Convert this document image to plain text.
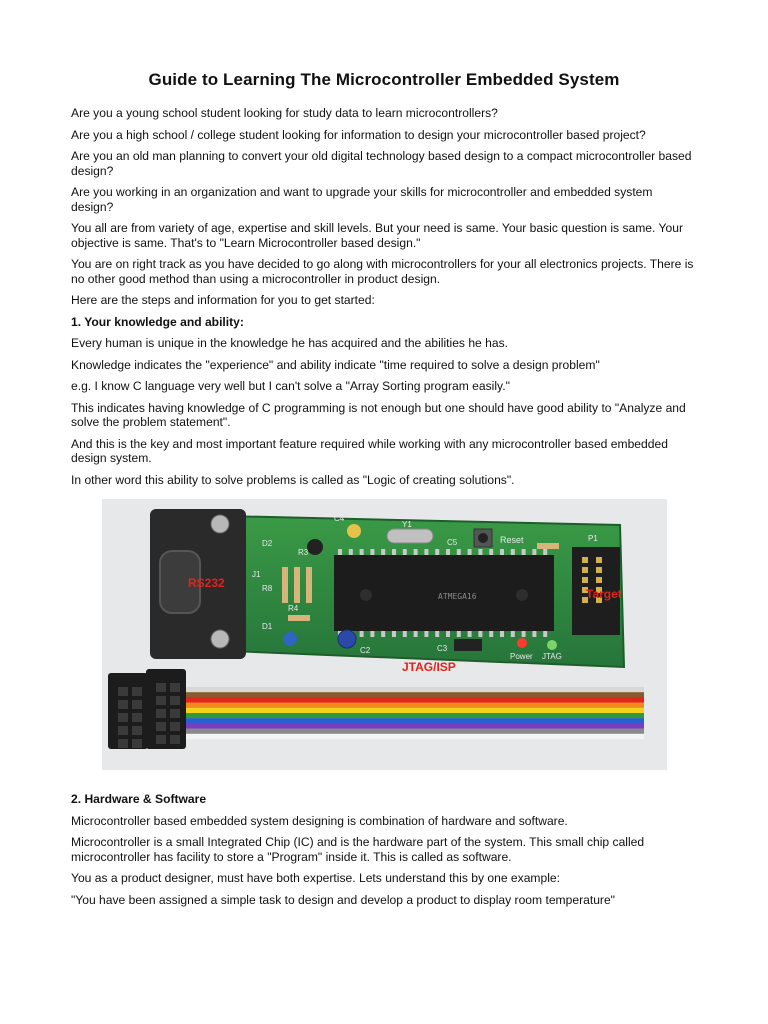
Guide to Learning The Microcontroller Embedded System

Are you a young school student looking for study data to learn microcontrollers?

Are you a high school / college student looking for information to design your microcontroller based project?

Are you an old man planning to convert your old digital technology based design to a compact microcontroller based design?

Are you working in an organization and want to upgrade your skills for microcontroller and embedded system design?

You all are from variety of age, expertise and skill levels. But your need is same. Your basic question is same. Your objective is same. That's to "Learn Microcontroller based design."

You are on right track as you have decided to go along with microcontrollers for your all electronics projects. There is no other good method than using a microcontroller in product design.

Here are the steps and information for you to get started:

1. Your knowledge and ability:

Every human is unique in the knowledge he has acquired and the abilities he has.

Knowledge indicates the "experience" and ability indicate "time required to solve a design problem"

e.g. I know C language very well but I can't solve a "Array Sorting program easily."

This indicates having knowledge of C programming is not enough but one should have good ability to "Analyze and solve the problem statement".

And this is the key and most important feature required while working with any microcontroller based embedded design system.

In other word this ability to solve problems is called as "Logic of creating solutions".

RS232
ATMEGA16
Y1
Reset
C4
C5
D2
R3
J1
R8
D1
R4
C2	C3
P1
Target
Power JTAG
JTAG/ISP

2. Hardware & Software

Microcontroller based embedded system designing is combination of hardware and software.

Microcontroller is a small Integrated Chip (IC) and is the hardware part of the system. This small chip called microcontroller has facility to store a "Program" inside it. This is called as software.

You as a product designer, must have both expertise. Lets understand this by one example:

"You have been assigned a simple task to design and develop a product to display room temperature"
